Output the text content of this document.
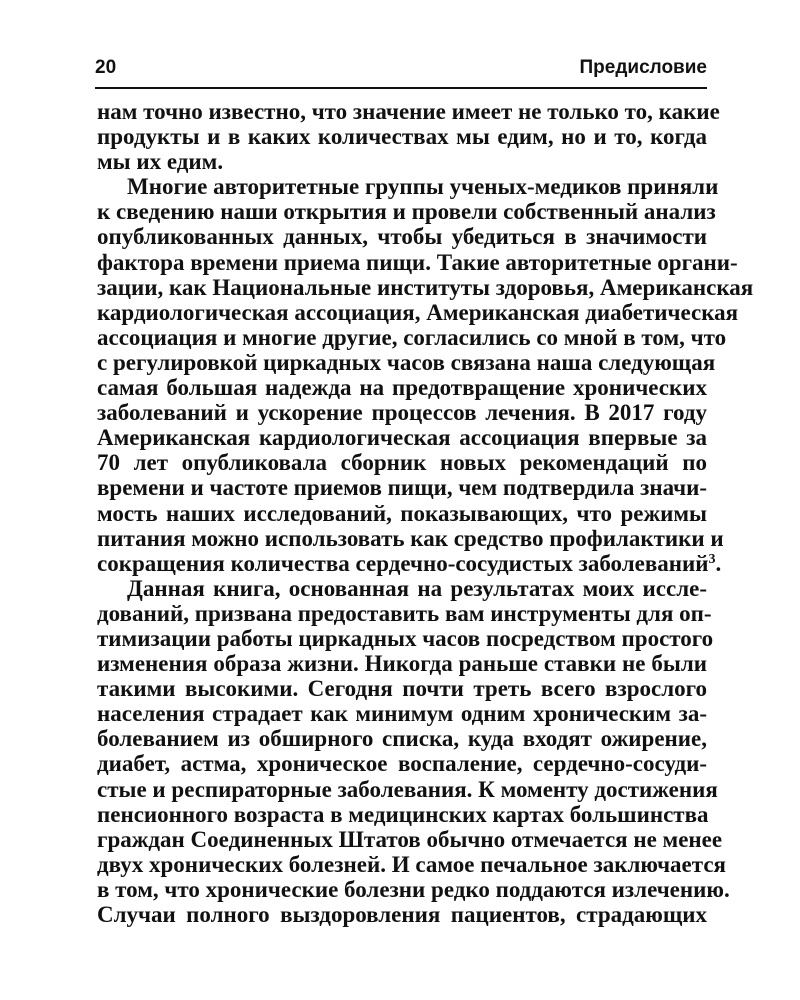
20	Предисловие
нам точно известно, что значение имеет не только то, какие
продукты и в каких количествах мы едим, но и то, когда
мы их едим.
Многие авторитетные группы ученых-медиков приняли
к сведению наши открытия и провели собственный анализ
опубликованных данных, чтобы убедиться в значимости
фактора времени приема пищи. Такие авторитетные органи-
зации, как Национальные институты здоровья, Американская
кардиологическая ассоциация, Американская диабетическая
ассоциация и многие другие, согласились со мной в том, что
с регулировкой циркадных часов связана наша следующая
самая большая надежда на предотвращение хронических
заболеваний и ускорение процессов лечения. В 2017 году
Американская кардиологическая ассоциация впервые за
70 лет опубликовала сборник новых рекомендаций по
времени и частоте приемов пищи, чем подтвердила значи-
мость наших исследований, показывающих, что режимы
питания можно использовать как средство профилактики и
сокращения количества сердечно-сосудистых заболеваний$^3$.
Данная книга, основанная на результатах моих иссле-
дований, призвана предоставить вам инструменты для оп-
тимизации работы циркадных часов посредством простого
изменения образа жизни. Никогда раньше ставки не были
такими высокими. Сегодня почти треть всего взрослого
населения страдает как минимум одним хроническим за-
болеванием из обширного списка, куда входят ожирение,
диабет, астма, хроническое воспаление, сердечно-сосуди-
стые и респираторные заболевания. К моменту достижения
пенсионного возраста в медицинских картах большинства
граждан Соединенных Штатов обычно отмечается не менее
двух хронических болезней. И самое печальное заключается
в том, что хронические болезни редко поддаются излечению.
Случаи полного выздоровления пациентов, страдающих
